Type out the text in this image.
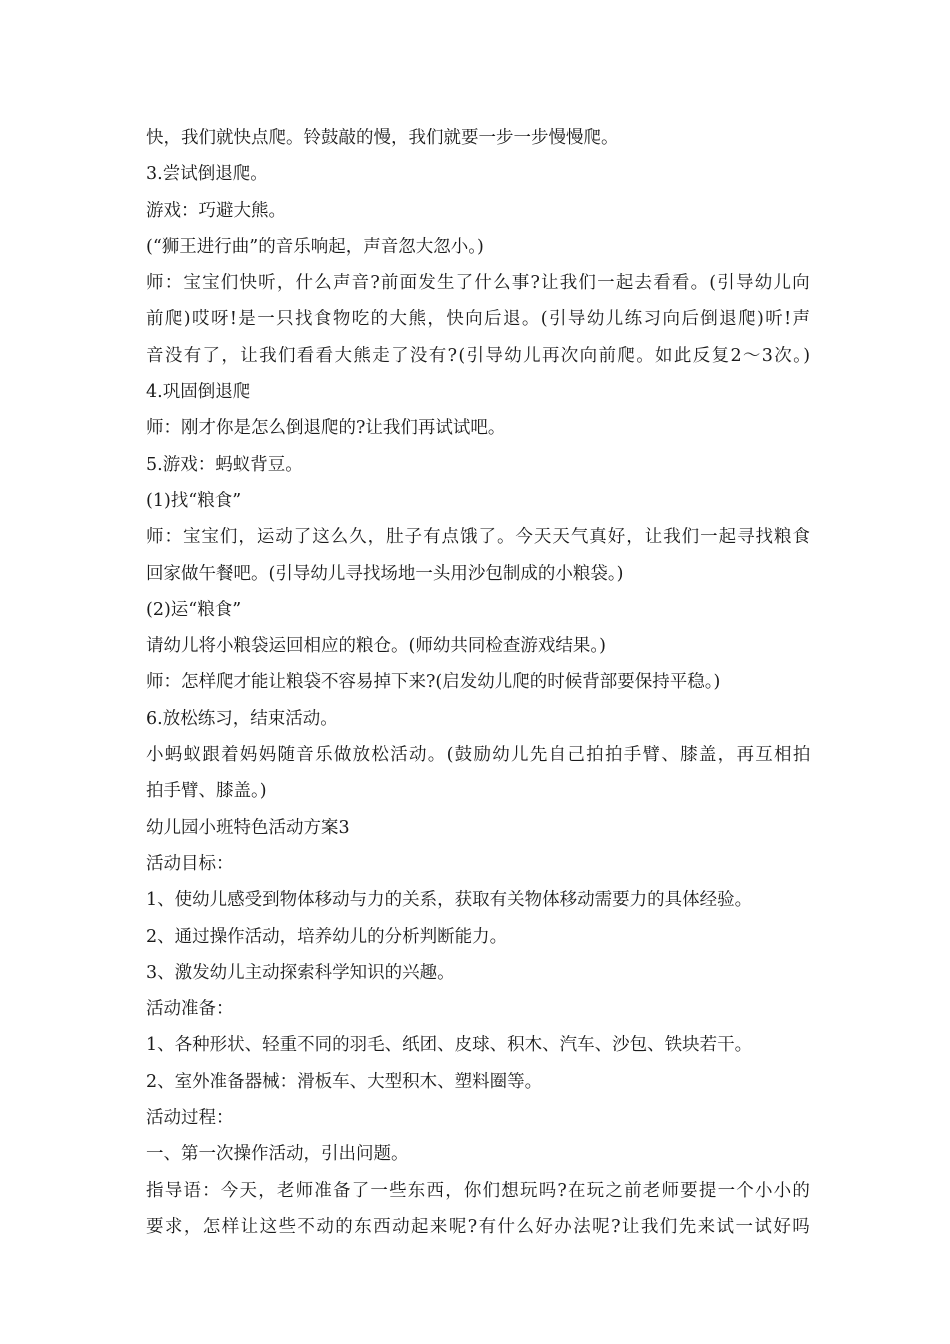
快，我们就快点爬。铃鼓敲的慢，我们就要一步一步慢慢爬。
3.尝试倒退爬。
游戏：巧避大熊。
(“狮王进行曲”的音乐响起，声音忽大忽小。)
师：宝宝们快听，什么声音?前面发生了什么事?让我们一起去看看。(引导幼儿向
前爬)哎呀!是一只找食物吃的大熊，快向后退。(引导幼儿练习向后倒退爬)听!声
音没有了，让我们看看大熊走了没有?(引导幼儿再次向前爬。如此反复2～3次。)
4.巩固倒退爬
师：刚才你是怎么倒退爬的?让我们再试试吧。
5.游戏：蚂蚁背豆。
(1)找“粮食”
师：宝宝们，运动了这么久，肚子有点饿了。今天天气真好，让我们一起寻找粮食
回家做午餐吧。(引导幼儿寻找场地一头用沙包制成的小粮袋。)
(2)运“粮食”
请幼儿将小粮袋运回相应的粮仓。(师幼共同检查游戏结果。)
师：怎样爬才能让粮袋不容易掉下来?(启发幼儿爬的时候背部要保持平稳。)
6.放松练习，结束活动。
小蚂蚁跟着妈妈随音乐做放松活动。(鼓励幼儿先自己拍拍手臂、膝盖，再互相拍
拍手臂、膝盖。)
幼儿园小班特色活动方案3
活动目标：
1、使幼儿感受到物体移动与力的关系，获取有关物体移动需要力的具体经验。
2、通过操作活动，培养幼儿的分析判断能力。
3、激发幼儿主动探索科学知识的兴趣。
活动准备：
1、各种形状、轻重不同的羽毛、纸团、皮球、积木、汽车、沙包、铁块若干。
2、室外准备器械：滑板车、大型积木、塑料圈等。
活动过程：
一、第一次操作活动，引出问题。
指导语：今天，老师准备了一些东西，你们想玩吗?在玩之前老师要提一个小小的
要求，怎样让这些不动的东西动起来呢?有什么好办法呢?让我们先来试一试好吗
